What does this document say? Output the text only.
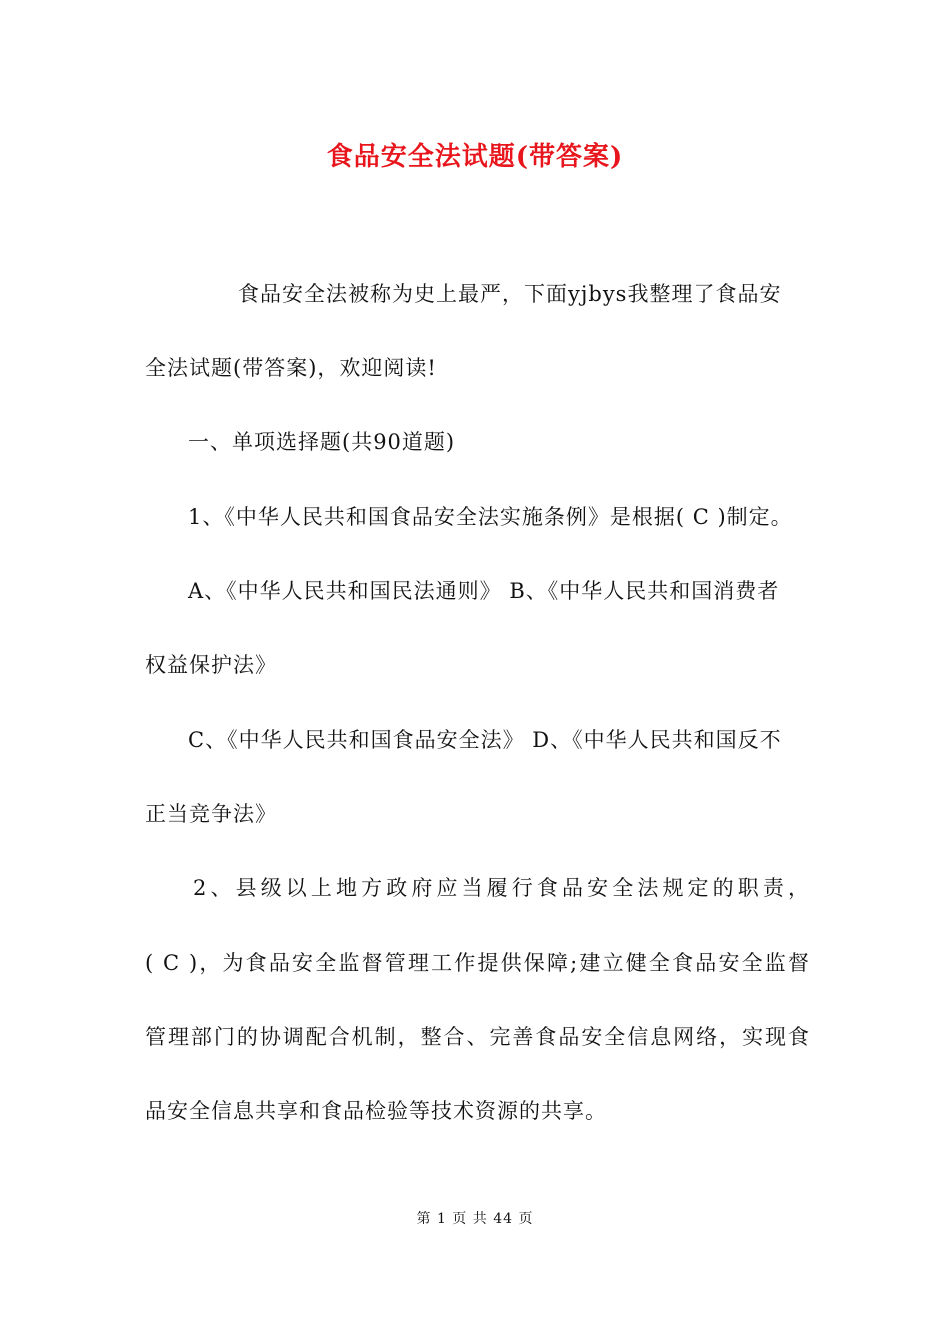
食品安全法试题(带答案)
食品安全法被称为史上最严，下面yjbys我整理了食品安
全法试题(带答案)，欢迎阅读!
一、单项选择题(共90道题)
1、《中华人民共和国食品安全法实施条例》是根据( C )制定。
A、《中华人民共和国民法通则》 B、《中华人民共和国消费者
权益保护法》
C、《中华人民共和国食品安全法》 D、《中华人民共和国反不
正当竞争法》
2、县级以上地方政府应当履行食品安全法规定的职责，
( C )，为食品安全监督管理工作提供保障;建立健全食品安全监督
管理部门的协调配合机制，整合、完善食品安全信息网络，实现食
品安全信息共享和食品检验等技术资源的共享。
第 1 页 共 44 页
